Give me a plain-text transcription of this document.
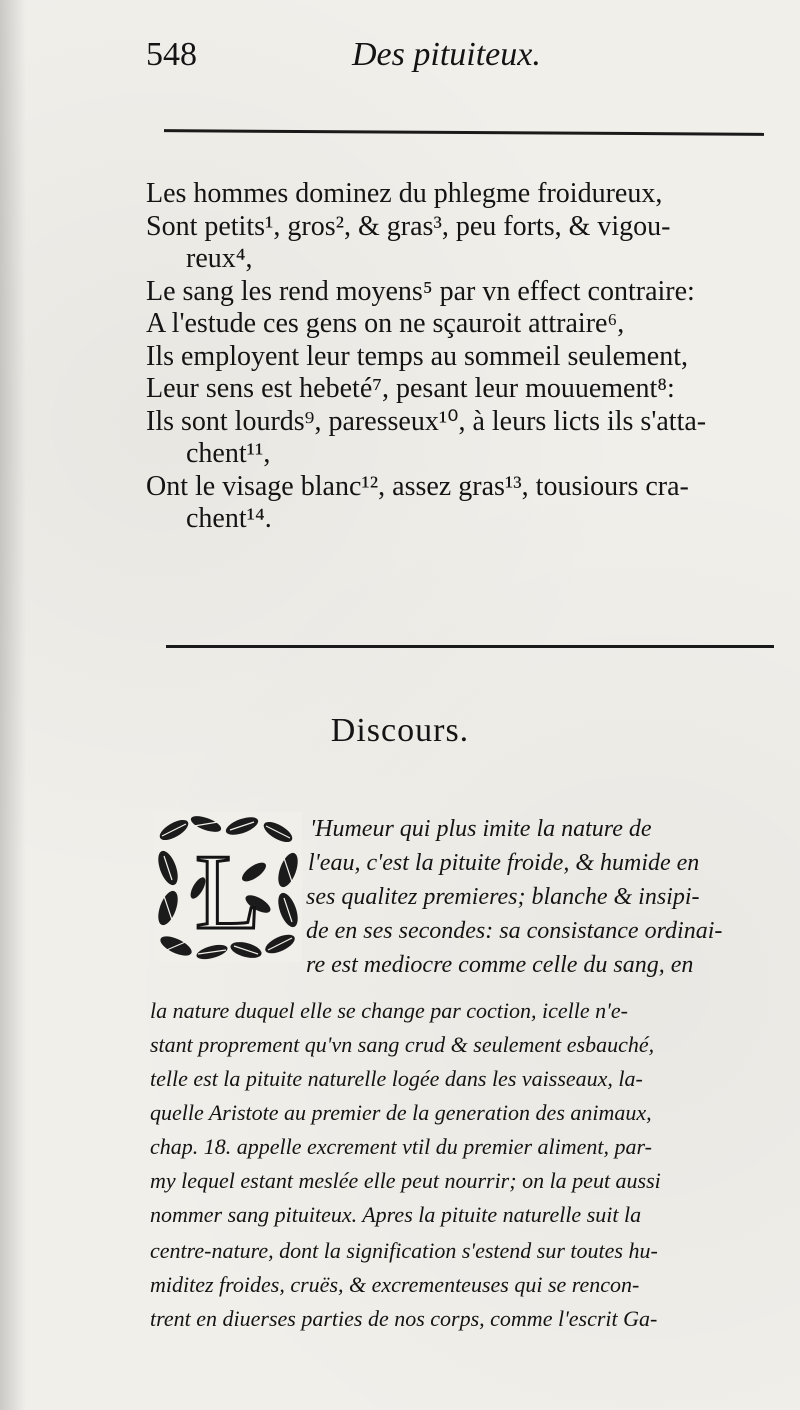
548	Des pituiteux.
Les hommes dominez du phlegme froidureux,
Sont petits¹, gros², & gras³, peu forts, & vigou-
reux⁴,
Le sang les rend moyens⁵ par vn effect contraire:
A l'estude ces gens on ne sçauroit attraire⁶,
Ils employent leur temps au sommeil seulement,
Leur sens est hebeté⁷, pesant leur mouuement⁸:
Ils sont lourds⁹, paresseux¹⁰, à leurs licts ils s'atta-
chent¹¹,
Ont le visage blanc¹², assez gras¹³, tousiours cra-
chent¹⁴.
Discours.
L
'Humeur qui plus imite la nature de
l'eau, c'est la pituite froide, & humide en
ses qualitez premieres; blanche & insipi-
de en ses secondes: sa consistance ordinai-
re est mediocre comme celle du sang, en
la nature duquel elle se change par coction, icelle n'e-
stant proprement qu'vn sang crud & seulement esbauché,
telle est la pituite naturelle logée dans les vaisseaux, la-
quelle Aristote au premier de la generation des animaux,
chap. 18. appelle excrement vtil du premier aliment, par-
my lequel estant meslée elle peut nourrir; on la peut aussi
nommer sang pituiteux. Apres la pituite naturelle suit la
centre-nature, dont la signification s'estend sur toutes hu-
miditez froides, cruës, & excrementeuses qui se rencon-
trent en diuerses parties de nos corps, comme l'escrit Ga-
